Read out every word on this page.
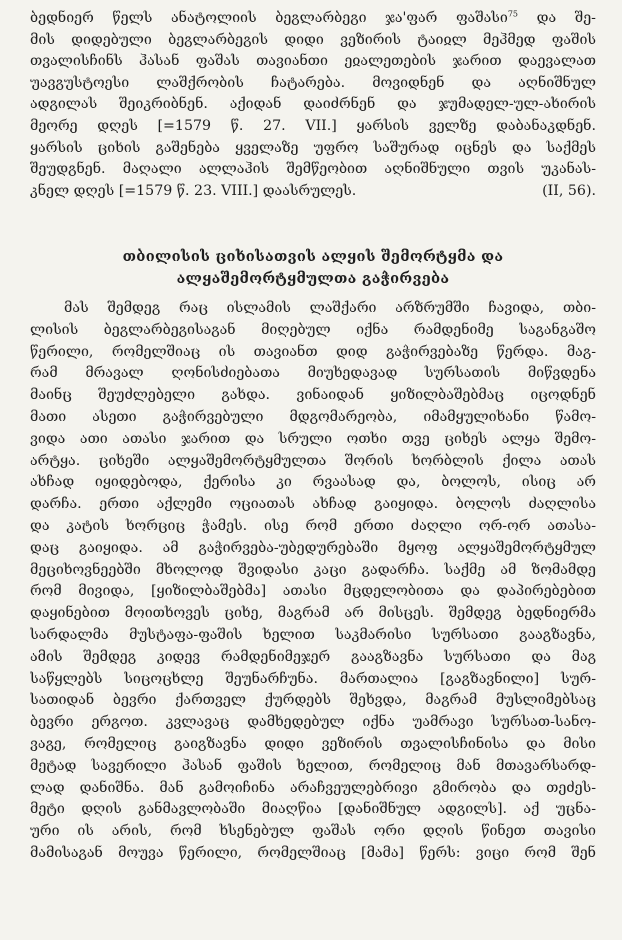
ბედნიერ წელს ანატოლიის ბეგლარბეგი ჯა'ფარ ფაშასი$^{75}$ და შე-
მის დიდებული ბეგლარბეგის დიდი ვეზირის ტაიჲლ მეჰმედ ფაშის
თვალისჩინს ჰასან ფაშას თავიანთი ეჲალეთების ჯარით დაევალათ
უავგუსტოესი ლაშქრობის ჩატარება. მოვიდნენ და აღნიშნულ
ადგილას შეიკრიბნენ. აქიდან დაიძრნენ და ჯუმადელ-ულ-ახირის
მეორე დღეს [=1579 წ. 27. VII.] ყარსის ველზე დაბანაკდნენ.
ყარსის ციხის გაშენება ყველაზე უფრო საშურად იცნეს და საქმეს
შეუდგნენ. მაღალი ალლაჰის შემწეობით აღნიშნული თვის უკანას-
კნელ დღეს [=1579 წ. 23. VIII.] დაასრულეს.	(II, 56).
თბილისის ციხისათვის ალყის შემორტყმა და
ალყაშემორტყმულთა გაჭირვება
მას შემდეგ რაც ისლამის ლაშქარი არზრუმში ჩავიდა, თბი-
ლისის ბეგლარბეგისაგან მიღებულ იქნა რამდენიმე საგანგაშო
წერილი, რომელშიაც ის თავიანთ დიდ გაჭირვებაზე წერდა. მაგ-
რამ მრავალ ღონისძიებათა მიუხედავად სურსათის მიწვდენა
მაინც შეუძლებელი გახდა. ვინაიდან ყიზილბაშებმაც იცოდნენ
მათი ასეთი გაჭირვებული მდგომარეობა, იმამყულიხანი წამო-
ვიდა ათი ათასი ჯარით და სრული ოთხი თვე ციხეს ალყა შემო-
არტყა. ციხეში ალყაშემორტყმულთა შორის ხორბლის ქილა ათას
ახჩად იყიდებოდა, ქერისა კი რვაასად და, ბოლოს, ისიც არ
დარჩა. ერთი აქლემი ოციათას ახჩად გაიყიდა. ბოლოს ძაღლისა
და კატის ხორციც ჭამეს. ისე რომ ერთი ძაღლი ორ-ორ ათასა-
დაც გაიყიდა. ამ გაჭირვება-უბედურებაში მყოფ ალყაშემორტყმულ
მეციხოვნეებში მხოლოდ შვიდასი კაცი გადარჩა. საქმე ამ ზომამდე
რომ მივიდა, [ყიზილბაშებმა] ათასი მცდელობითა და დაპირებებით
დაყინებით მოითხოვეს ციხე, მაგრამ არ მისცეს. შემდეგ ბედნიერმა
სარდალმა მუსტაფა-ფაშის ხელით საკმარისი სურსათი გააგზავნა,
ამის შემდეგ კიდევ რამდენიმეჯერ გააგზავნა სურსათი და მაგ
საწყლებს სიცოცხლე შეუნარჩუნა. მართალია [გაგზავნილი] სურ-
სათიდან ბევრი ქართველ ქურდებს შეხვდა, მაგრამ მუსლიმებსაც
ბევრი ერგოთ. კვლავაც დამხედებულ იქნა უამრავი სურსათ-სანო-
ვაგე, რომელიც გაიგზავნა დიდი ვეზირის თვალისჩინისა და მისი
მეტად სავერილი ჰასან ფაშის ხელით, რომელიც მან მთავარსარდ-
ლად დანიშნა. მან გამოიჩინა არაჩვეულებრივი გმირობა და თეძეს-
მეტი დღის განმავლობაში მიაღწია [დანიშნულ ადგილს]. აქ უცნა-
ური ის არის, რომ ხსენებულ ფაშას ორი დღის წინეთ თავისი
მამისაგან მოუვა წერილი, რომელშიაც [მამა] წერს: ვიცი რომ შენ
